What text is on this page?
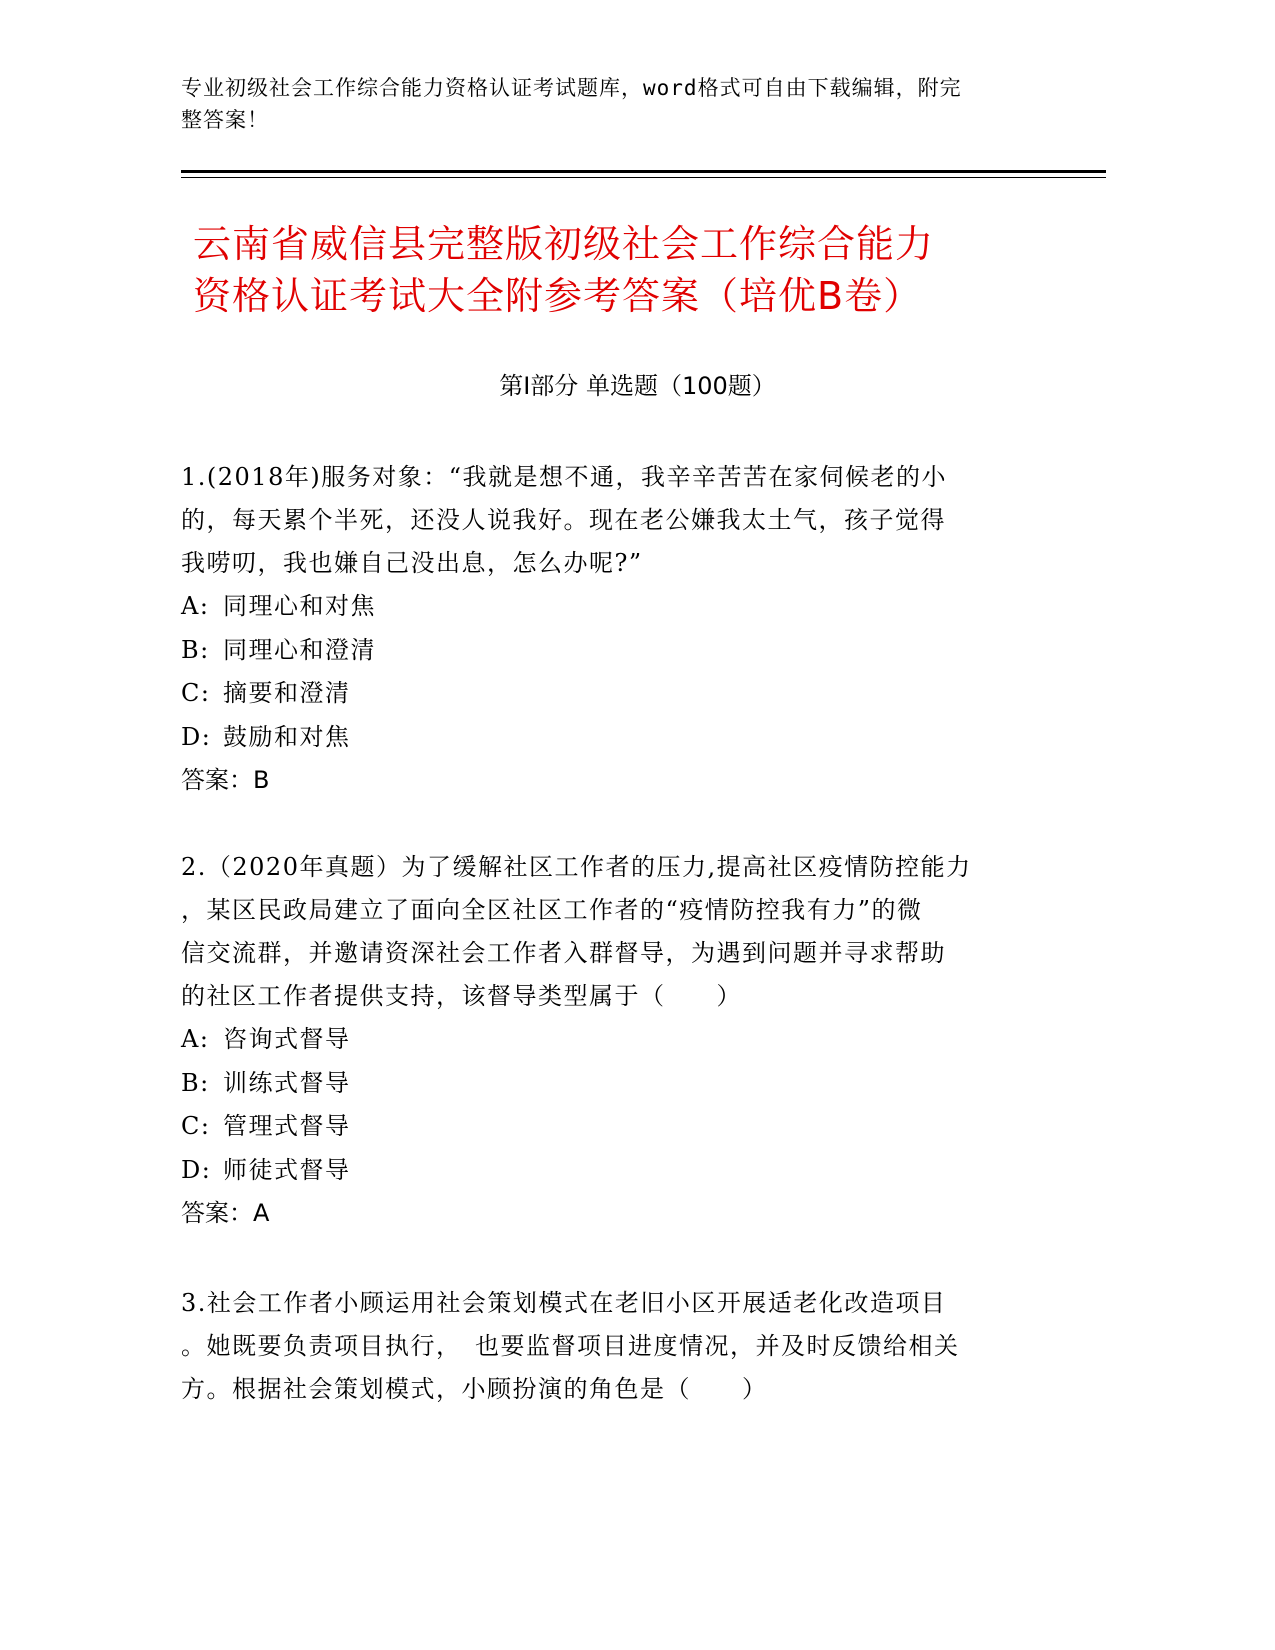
专业初级社会工作综合能力资格认证考试题库，word格式可自由下载编辑，附完
整答案！
云南省威信县完整版初级社会工作综合能力
资格认证考试大全附参考答案（培优B卷）
第Ⅰ部分 单选题（100题）

1.(2018年)服务对象：“我就是想不通，我辛辛苦苦在家伺候老的小

的，每天累个半死，还没人说我好。现在老公嫌我太土气，孩子觉得

我唠叨，我也嫌自己没出息，怎么办呢?”

A: 同理心和对焦

B: 同理心和澄清

C: 摘要和澄清

D: 鼓励和对焦

答案：B

2.（2020年真题）为了缓解社区工作者的压力,提高社区疫情防控能力

，某区民政局建立了面向全区社区工作者的“疫情防控我有力”的微

信交流群，并邀请资深社会工作者入群督导，为遇到问题并寻求帮助

的社区工作者提供支持，该督导类型属于（　　）

A: 咨询式督导

B: 训练式督导

C: 管理式督导

D: 师徒式督导

答案：A

3.社会工作者小顾运用社会策划模式在老旧小区开展适老化改造项目

。她既要负责项目执行，　也要监督项目进度情况，并及时反馈给相关

方。根据社会策划模式，小顾扮演的角色是（　　）
